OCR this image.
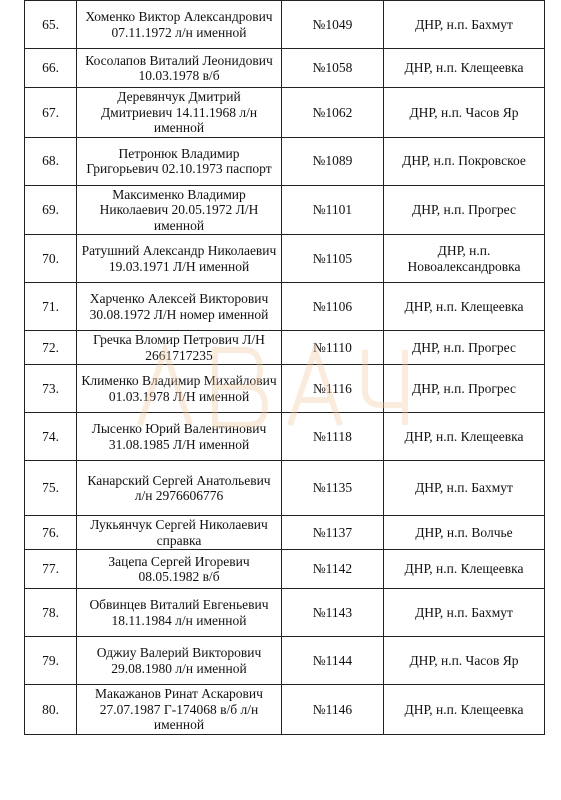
65.	Хоменко Виктор Александрович 07.11.1972 л/н именной	№1049	ДНР, н.п. Бахмут
66.	Косолапов Виталий Леонидович 10.03.1978 в/б	№1058	ДНР, н.п. Клещеевка
67.	Деревянчук Дмитрий Дмитриевич 14.11.1968 л/н именной	№1062	ДНР, н.п. Часов Яр
68.	Петронюк Владимир Григорьевич 02.10.1973 паспорт	№1089	ДНР, н.п. Покровское
69.	Максименко Владимир Николаевич 20.05.1972 Л/Н именной	№1101	ДНР, н.п. Прогрес
70.	Ратушний Александр Николаевич 19.03.1971 Л/Н именной	№1105	ДНР, н.п. Новоалександровка
71.	Харченко Алексей Викторович 30.08.1972 Л/Н номер именной	№1106	ДНР, н.п. Клещеевка
72.	Гречка Вломир Петрович Л/Н 2661717235	№1110	ДНР, н.п. Прогрес
73.	Клименко Владимир Михайлович 01.03.1978 Л/Н именной	№1116	ДНР, н.п. Прогрес
74.	Лысенко Юрий Валентинович 31.08.1985 Л/Н именной	№1118	ДНР, н.п. Клещеевка
75.	Канарский Сергей Анатольевич л/н 2976606776	№1135	ДНР, н.п. Бахмут
76.	Лукьянчук Сергей Николаевич справка	№1137	ДНР, н.п. Волчье
77.	Зацепа Сергей Игоревич 08.05.1982 в/б	№1142	ДНР, н.п. Клещеевка
78.	Обвинцев Виталий Евгеньевич 18.11.1984 л/н именной	№1143	ДНР, н.п. Бахмут
79.	Оджиу Валерий Викторович 29.08.1980 л/н именной	№1144	ДНР, н.п. Часов Яр
80.	Макажанов Ринат Аскарович 27.07.1987 Г-174068 в/б л/н именной	№1146	ДНР, н.п. Клещеевка
